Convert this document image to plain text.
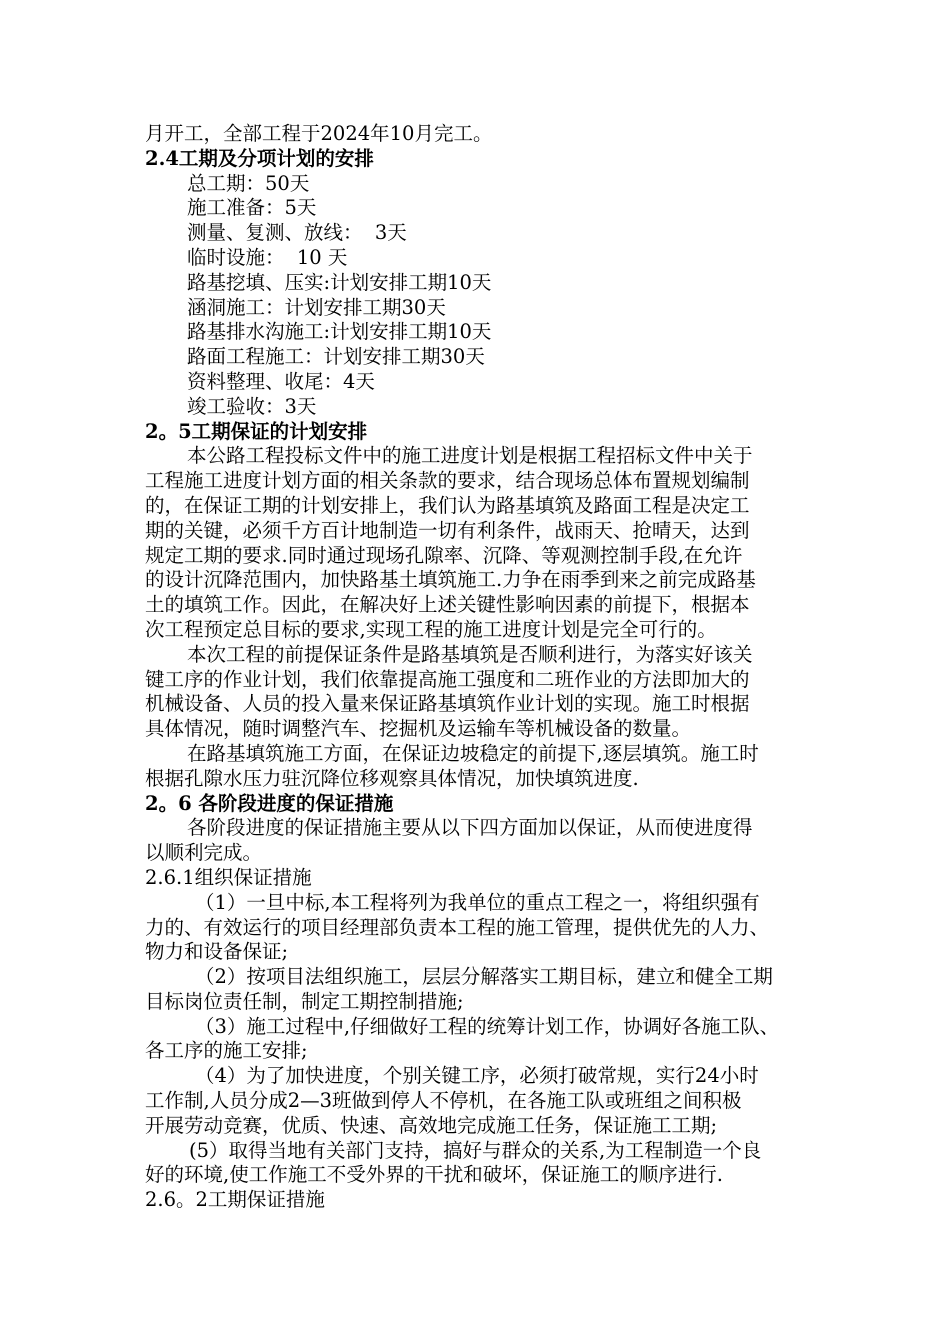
月开工，全部工程于2024年10月完工。
2.4工期及分项计划的安排
总工期：50天
施工准备：5天
测量、复测、放线：  3天
临时设施：  10 天
路基挖填、压实:计划安排工期10天
涵洞施工：计划安排工期30天
路基排水沟施工:计划安排工期10天
路面工程施工：计划安排工期30天
资料整理、收尾：4天
竣工验收：3天
2。5工期保证的计划安排
本公路工程投标文件中的施工进度计划是根据工程招标文件中关于
工程施工进度计划方面的相关条款的要求，结合现场总体布置规划编制
的，在保证工期的计划安排上，我们认为路基填筑及路面工程是决定工
期的关键，必须千方百计地制造一切有利条件，战雨天、抢晴天，达到
规定工期的要求.同时通过现场孔隙率、沉降、等观测控制手段,在允许
的设计沉降范围内，加快路基土填筑施工.力争在雨季到来之前完成路基
土的填筑工作。因此，在解决好上述关键性影响因素的前提下，根据本
次工程预定总目标的要求,实现工程的施工进度计划是完全可行的。
本次工程的前提保证条件是路基填筑是否顺利进行，为落实好该关
键工序的作业计划，我们依靠提高施工强度和二班作业的方法即加大的
机械设备、人员的投入量来保证路基填筑作业计划的实现。施工时根据
具体情况，随时调整汽车、挖掘机及运输车等机械设备的数量。
在路基填筑施工方面，在保证边坡稳定的前提下,逐层填筑。施工时
根据孔隙水压力驻沉降位移观察具体情况，加快填筑进度.
2。6 各阶段进度的保证措施
各阶段进度的保证措施主要从以下四方面加以保证，从而使进度得
以顺利完成。
2.6.1组织保证措施
（1）一旦中标,本工程将列为我单位的重点工程之一，将组织强有
力的、有效运行的项目经理部负责本工程的施工管理，提供优先的人力、
物力和设备保证;
（2）按项目法组织施工，层层分解落实工期目标，建立和健全工期
目标岗位责任制，制定工期控制措施;
（3）施工过程中,仔细做好工程的统筹计划工作，协调好各施工队、
各工序的施工安排;
（4）为了加快进度，个别关键工序，必须打破常规，实行24小时
工作制,人员分成2—3班做到停人不停机，在各施工队或班组之间积极
开展劳动竞赛，优质、快速、高效地完成施工任务，保证施工工期;
(5）取得当地有关部门支持，搞好与群众的关系,为工程制造一个良
好的环境,使工作施工不受外界的干扰和破坏，保证施工的顺序进行.
2.6。2工期保证措施
